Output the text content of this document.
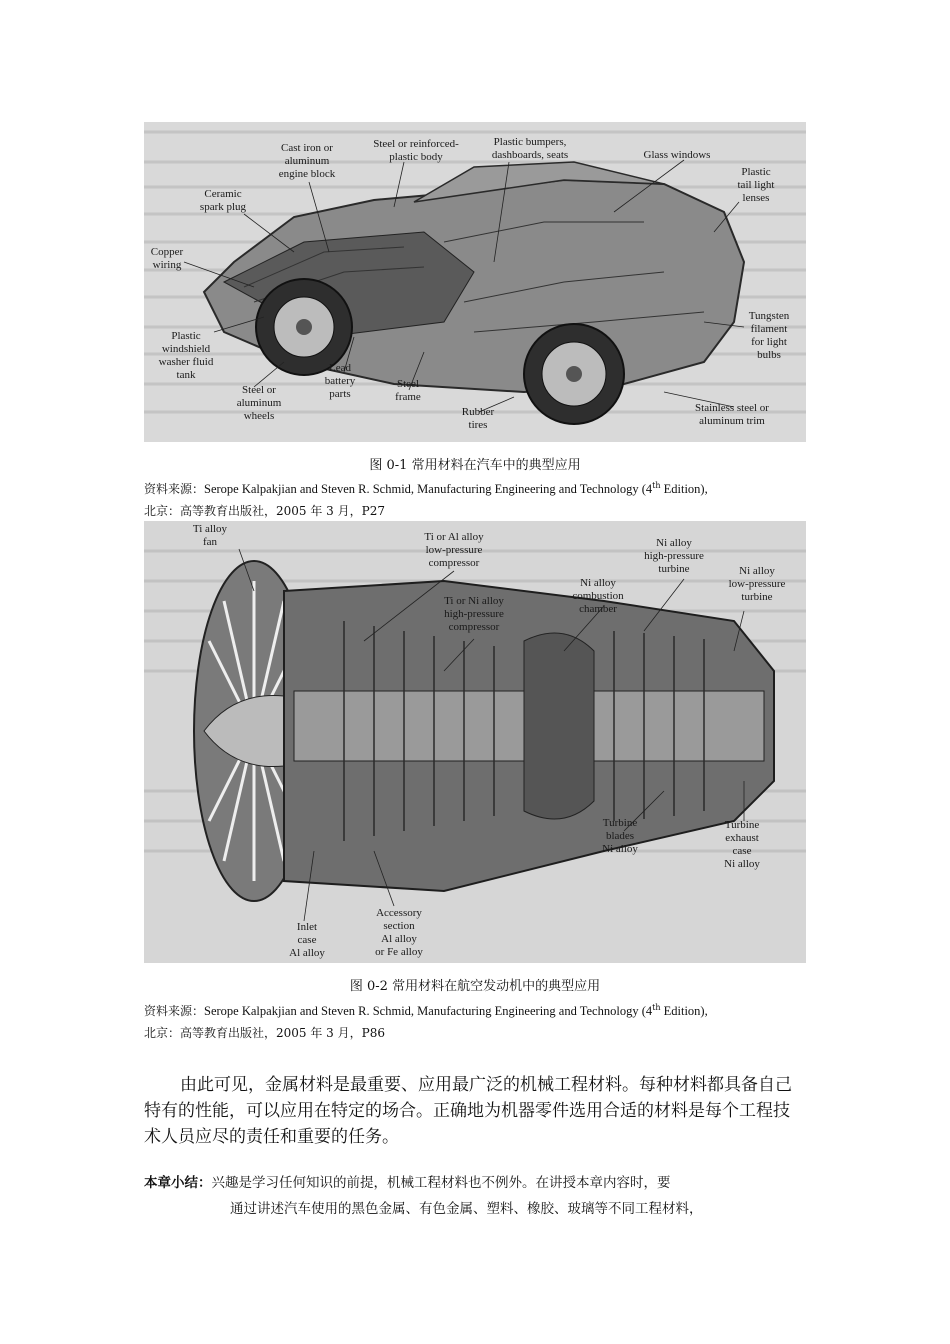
Cast iron or
aluminum
engine block
Steel or reinforced-
plastic body
Plastic bumpers,
dashboards, seats	Glass windows
Ceramic
spark plug
Copper
wiring
Plastic
tail light
lenses
Plastic
windshield
washer fluid
tank
Lead
battery
parts
Steel or
aluminum
wheels
Steel
frame
Rubber
tires
Tungsten
filament
for light
bulbs
Stainless steel or
aluminum trim
图 0-1 常用材料在汽车中的典型应用
资料来源：Serope Kalpakjian and Steven R. Schmid, Manufacturing Engineering and Technology (4th Edition),
北京：高等教育出版社，2005 年 3 月，P27
Ti alloy
fan	Ti or Al alloy
low-pressure
compressor
Ni alloy
high-pressure
turbine
Ni alloy
combustion
chamber
Ni alloy
low-pressure
turbine
Ti or Ni alloy
high-pressure
compressor
Turbine
blades
Ni alloy
Turbine
exhaust
case
Ni alloy
Accessory
section
Al alloy
or Fe alloy
Inlet
case
Al alloy
图 0-2 常用材料在航空发动机中的典型应用
资料来源：Serope Kalpakjian and Steven R. Schmid, Manufacturing Engineering and Technology (4th Edition),
北京：高等教育出版社，2005 年 3 月，P86

由此可见，金属材料是最重要、应用最广泛的机械工程材料。每种材料都具备自己特有的性能，可以应用在特定的场合。正确地为机器零件选用合适的材料是每个工程技术人员应尽的责任和重要的任务。

本章小结：兴趣是学习任何知识的前提，机械工程材料也不例外。在讲授本章内容时，要
通过讲述汽车使用的黑色金属、有色金属、塑料、橡胶、玻璃等不同工程材料，
